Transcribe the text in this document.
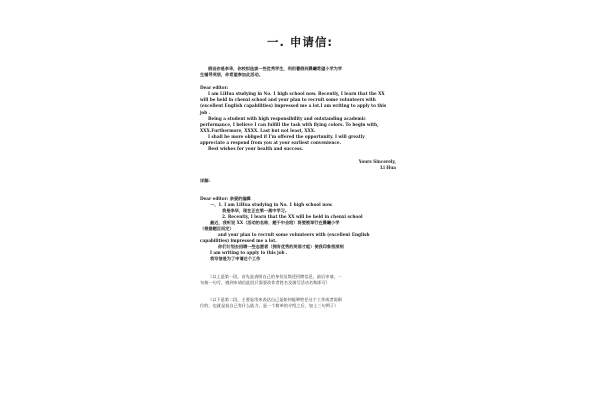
一. 申请信:

假设你是李华，你校拟选拔一些优秀学生，利用暑假到晨曦希望小学为学

生辅导英语，你希望参加此活动。

Dear editor:

I am LiHua studying in No. 1 high school now. Recently, I learn that the XX

will be held in chenxi school and your plan to recruit some volunteers with

(excellent English capabilities) impressed me a lot.I am writing to apply to this

job .

Being a student with high responsibility and outstanding academic

performance, I believe I can fulfill the task with flying colors. To begin with,

XXX.Furthermore, XXXX. Last but not least, XXX.

I shall be more obliged if I'm offered the opportunity. I will greatly

appreciate a respond from you at your earliest convenience.

Best wishes for your health and success.

Yours Sincerely,

Li Hua

详解:

Dear editor: 亲爱的编辑

一、1. I am LiHua studying in No. 1 high school now.

我是李华，现在正在第一高中学习。

2. Recently, I learn that the XX will be held in chenxi school

最近，我听说 XX（活动的名称，题干中会给）将要被举行在晨曦小学

（根据题目而定）

and your plan to recruit some volunteers with (excellent English

capabilities) impressed me a lot.

你们计划去招聘一些志愿者（拥有优秀的英语才能）使我印象很深刻

I am writing to apply to this job .

我写信是为了申请这个工作

（以上是第一段，首先是表明自己的身份及简述招聘信息，最后申请，一

句接一句写，遇到申请信此段只需要改作者姓名及填写活动名称即可）

（以下是第二段，主要是用来表达自己是如何能够胜任这个工作或者说职

位的，也就是说自己有什么能力，是一个简单的介绍之后，加上三句例子）
